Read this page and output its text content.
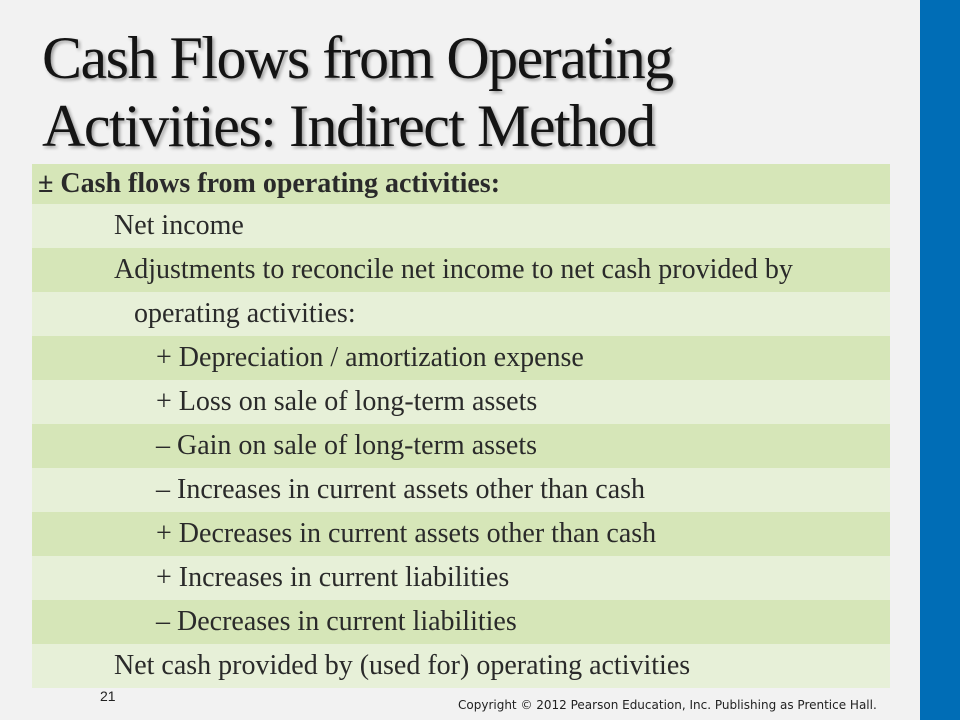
Cash Flows from Operating
Activities: Indirect Method
± Cash flows from operating activities:
Net income
Adjustments to reconcile net income to net cash provided by
operating activities:
+ Depreciation / amortization expense
+ Loss on sale of long-term assets
– Gain on sale of long-term assets
– Increases in current assets other than cash
+ Decreases in current assets other than cash
+ Increases in current liabilities
– Decreases in current liabilities
Net cash provided by (used for) operating activities
21
Copyright © 2012 Pearson Education, Inc. Publishing as Prentice Hall.
